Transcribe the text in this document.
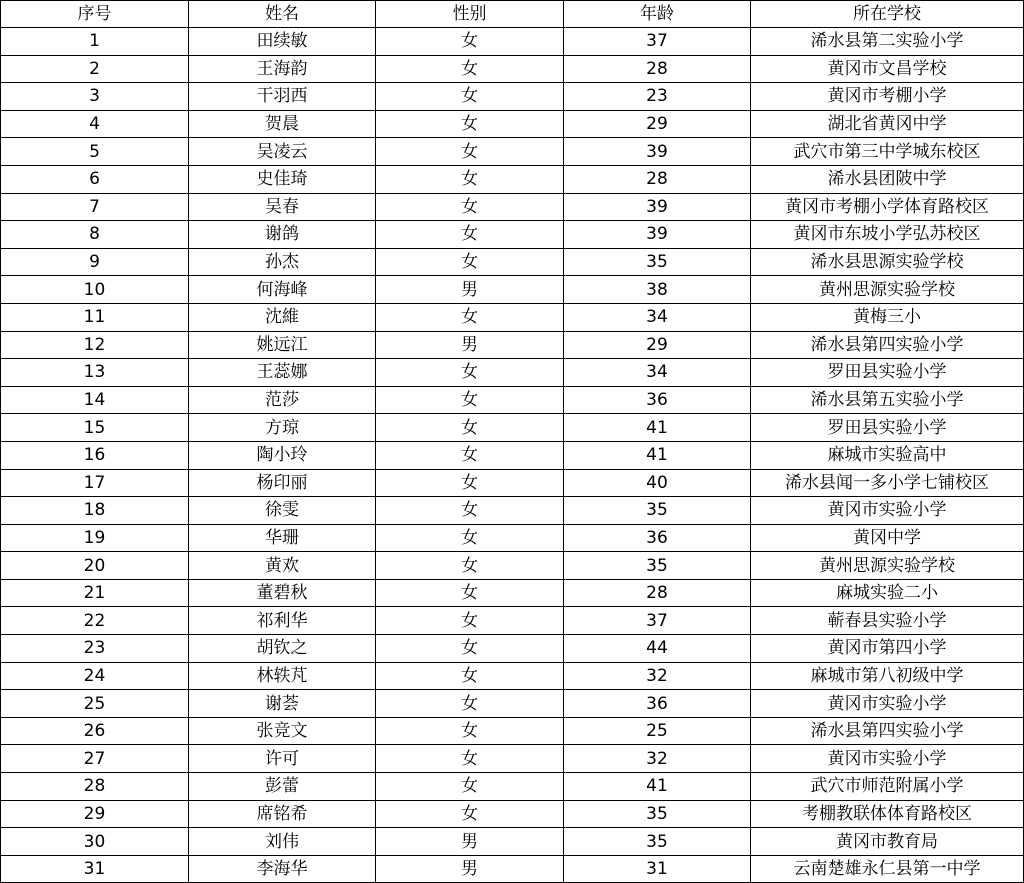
序号	姓名	性别	年龄	所在学校
1	田续敏	女	37	浠水县第二实验小学
2	王海韵	女	28	黄冈市文昌学校
3	干羽西	女	23	黄冈市考棚小学
4	贺晨	女	29	湖北省黄冈中学
5	吴凌云	女	39	武穴市第三中学城东校区
6	史佳琦	女	28	浠水县团陂中学
7	吴春	女	39	黄冈市考棚小学体育路校区
8	谢鸽	女	39	黄冈市东坡小学弘苏校区
9	孙杰	女	35	浠水县思源实验学校
10	何海峰	男	38	黄州思源实验学校
11	沈維	女	34	黄梅三小
12	姚远江	男	29	浠水县第四实验小学
13	王蕊娜	女	34	罗田县实验小学
14	范莎	女	36	浠水县第五实验小学
15	方琼	女	41	罗田县实验小学
16	陶小玲	女	41	麻城市实验高中
17	杨印丽	女	40	浠水县闻一多小学七铺校区
18	徐雯	女	35	黄冈市实验小学
19	华珊	女	36	黄冈中学
20	黄欢	女	35	黄州思源实验学校
21	董碧秋	女	28	麻城实验二小
22	祁利华	女	37	蕲春县实验小学
23	胡钦之	女	44	黄冈市第四小学
24	林轶芃	女	32	麻城市第八初级中学
25	谢荟	女	36	黄冈市实验小学
26	张竞文	女	25	浠水县第四实验小学
27	许可	女	32	黄冈市实验小学
28	彭蕾	女	41	武穴市师范附属小学
29	席铭希	女	35	考棚教联体体育路校区
30	刘伟	男	35	黄冈市教育局
31	李海华	男	31	云南楚雄永仁县第一中学
